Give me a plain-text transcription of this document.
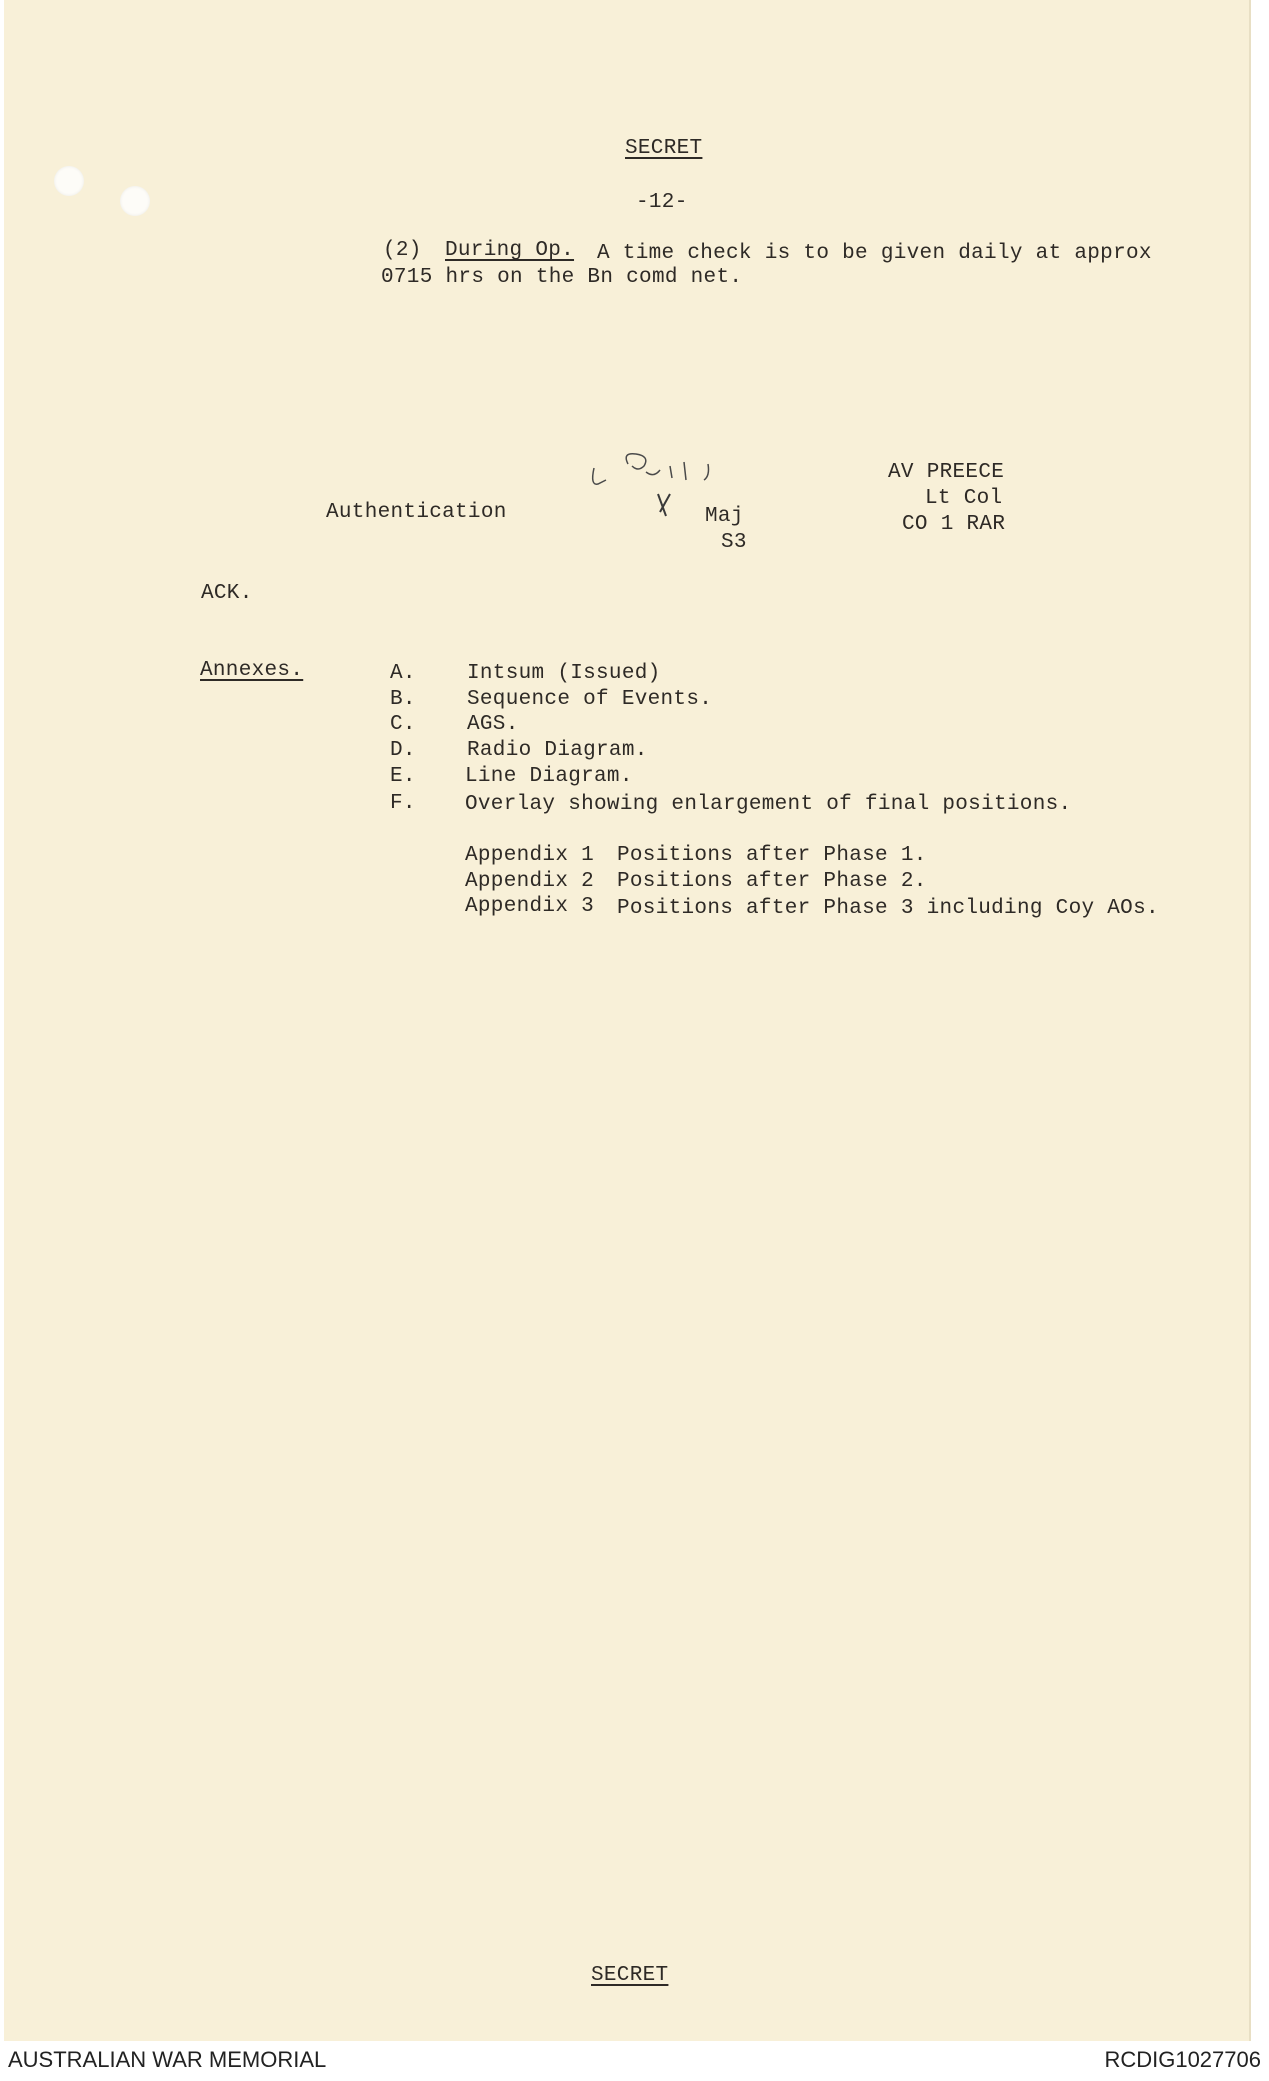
SECRET
-12-
(2) During Op. A time check is to be given daily at approx
0715 hrs on the Bn comd net.
Authentication	Maj
S3
AV PREECE
Lt Col
CO 1 RAR
ACK.
Annexes.	A. Intsum (Issued)
B. Sequence of Events.
C. AGS.
D. Radio Diagram.
E. Line Diagram.
F. Overlay showing enlargement of final positions.
Appendix 1 Positions after Phase 1.
Appendix 2 Positions after Phase 2.
Appendix 3 Positions after Phase 3 including Coy AOs.
SECRET
AUSTRALIAN WAR MEMORIAL	RCDIG1027706
